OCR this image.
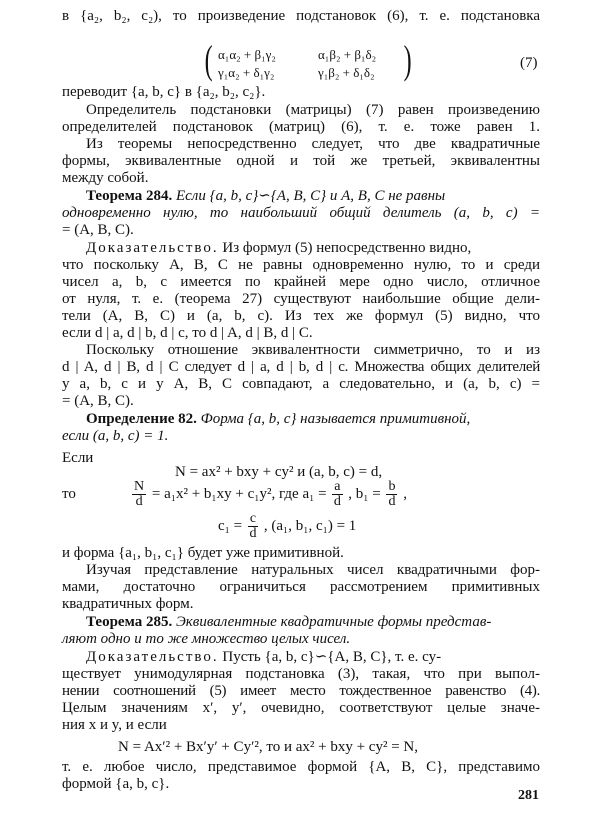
в {a₂, b₂, c₂), то произведение подстановок (6), т. е. подстановка
( α₁α₂ + β₁γ₂	α₁β₂ + β₁δ₂
γ₁α₂ + δ₁γ₂	γ₁β₂ + δ₁δ₂ )	(7)
переводит {a, b, c} в {a₂, b₂, c₂}.
Определитель подстановки (матрицы) (7) равен произведению
определителей подстановок (матриц) (6), т. е. тоже равен 1.
Из теоремы непосредственно следует, что две квадратичные
формы, эквивалентные одной и той же третьей, эквивалентны
между собой.
Теорема 284. Если {a, b, c}∽{A, B, C} и A, B, C не равны
одновременно нулю, то наибольший общий делитель (a, b, c) =
= (A, B, C).
Доказательство. Из формул (5) непосредственно видно,
что поскольку A, B, C не равны одновременно нулю, то и среди
чисел a, b, c имеется по крайней мере одно число, отличное
от нуля, т. е. (теорема 27) существуют наибольшие общие дели-
тели (A, B, C) и (a, b, c). Из тех же формул (5) видно, что
если d | a, d | b, d | c, то d | A, d | B, d | C.
Поскольку отношение эквивалентности симметрично, то и из
d | A, d | B, d | C следует d | a, d | b, d | c. Множества общих делителей
у a, b, c и у A, B, C совпадают, а следовательно, и (a, b, c) =
= (A, B, C).
Определение 82. Форма {a, b, c} называется примитивной,
если (a, b, c) = 1.
Если
N = ax² + bxy + cy² и (a, b, c) = d,
то	$\frac{N}{d} = a_1x^2 + b_1xy + c_1y^2$, где $a_1 = \frac{a}{d}$ , $b_1 = \frac{b}{d}$ ,
$c_1 = \frac{c}{d}$ , (a₁, b₁, c₁) = 1
и форма {a₁, b₁, c₁} будет уже примитивной.
Изучая представление натуральных чисел квадратичными фор-
мами, достаточно ограничиться рассмотрением примитивных
квадратичных форм.
Теорема 285. Эквивалентные квадратичные формы представ-
ляют одно и то же множество целых чисел.
Доказательство. Пусть {a, b, c}∽{A, B, C}, т. е. су-
ществует унимодулярная подстановка (3), такая, что при выпол-
нении соотношений (5) имеет место тождественное равенство (4).
Целым значениям x′, y′, очевидно, соответствуют целые значе-
ния x и y, и если
N = Ax′² + Bx′y′ + Cy′², то и ax² + bxy + cy² = N,
т. е. любое число, представимое формой {A, B, C}, представимо
формой {a, b, c}.
281
